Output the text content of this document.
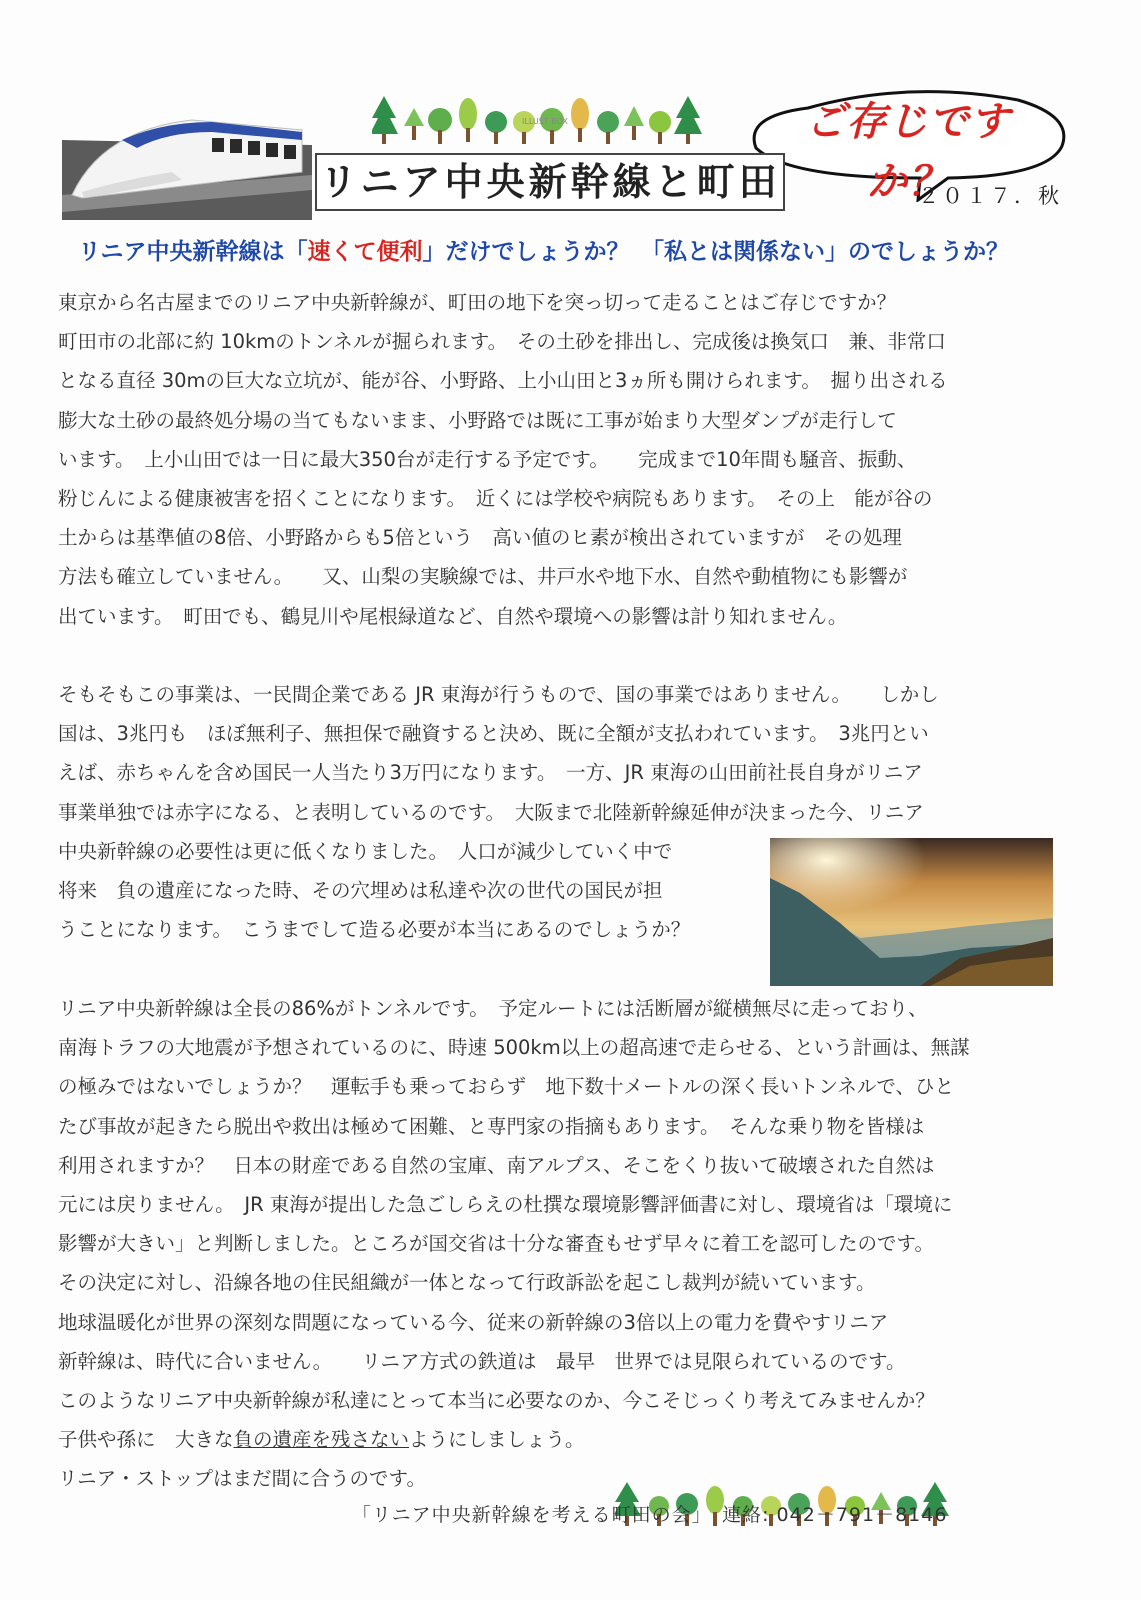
ILLUST BOX	ご存じですか？
リニア中央新幹線と町田	２０１７．秋
リニア中央新幹線は「速くて便利」だけでしょうか？　「私とは関係ない」のでしょうか？
東京から名古屋までのリニア中央新幹線が、町田の地下を突っ切って走ることはご存じですか？
町田市の北部に約 10kmのトンネルが掘られます。　その土砂を排出し、完成後は換気口　兼、非常口
となる直径 30mの巨大な立坑が、能が谷、小野路、上小山田と3ヵ所も開けられます。　掘り出される
膨大な土砂の最終処分場の当てもないまま、小野路では既に工事が始まり大型ダンプが走行して
います。　上小山田では一日に最大350台が走行する予定です。　　完成まで10年間も騒音、振動、
粉じんによる健康被害を招くことになります。　近くには学校や病院もあります。　その上　能が谷の
土からは基準値の8倍、小野路からも5倍という　高い値のヒ素が検出されていますが　その処理
方法も確立していません。　　又、山梨の実験線では、井戸水や地下水、自然や動植物にも影響が
出ています。　町田でも、鶴見川や尾根緑道など、自然や環境への影響は計り知れません。
そもそもこの事業は、一民間企業である JR 東海が行うもので、国の事業ではありません。　　しかし
国は、3兆円も　ほぼ無利子、無担保で融資すると決め、既に全額が支払われています。　3兆円とい
えば、赤ちゃんを含め国民一人当たり3万円になります。　一方、JR 東海の山田前社長自身がリニア
事業単独では赤字になる、と表明しているのです。　大阪まで北陸新幹線延伸が決まった今、リニア
中央新幹線の必要性は更に低くなりました。　人口が減少していく中で
将来　負の遺産になった時、その穴埋めは私達や次の世代の国民が担
うことになります。　こうまでして造る必要が本当にあるのでしょうか？
リニア中央新幹線は全長の86%がトンネルです。　予定ルートには活断層が縦横無尽に走っており、
南海トラフの大地震が予想されているのに、時速 500km以上の超高速で走らせる、という計画は、無謀
の極みではないでしょうか？　運転手も乗っておらず　地下数十メートルの深く長いトンネルで、ひと
たび事故が起きたら脱出や救出は極めて困難、と専門家の指摘もあります。　そんな乗り物を皆様は
利用されますか？　日本の財産である自然の宝庫、南アルプス、そこをくり抜いて破壊された自然は
元には戻りません。　JR 東海が提出した急ごしらえの杜撰な環境影響評価書に対し、環境省は「環境に
影響が大きい」と判断しました。ところが国交省は十分な審査もせず早々に着工を認可したのです。
その決定に対し、沿線各地の住民組織が一体となって行政訴訟を起こし裁判が続いています。
地球温暖化が世界の深刻な問題になっている今、従来の新幹線の3倍以上の電力を費やすリニア
新幹線は、時代に合いません。　　リニア方式の鉄道は　最早　世界では見限られているのです。
このようなリニア中央新幹線が私達にとって本当に必要なのか、今こそじっくり考えてみませんか？
子供や孫に　大きな負の遺産を残さないようにしましょう。
リニア・ストップはまだ間に合うのです。
「リニア中央新幹線を考える町田の会」　連絡: 042－791－8146
